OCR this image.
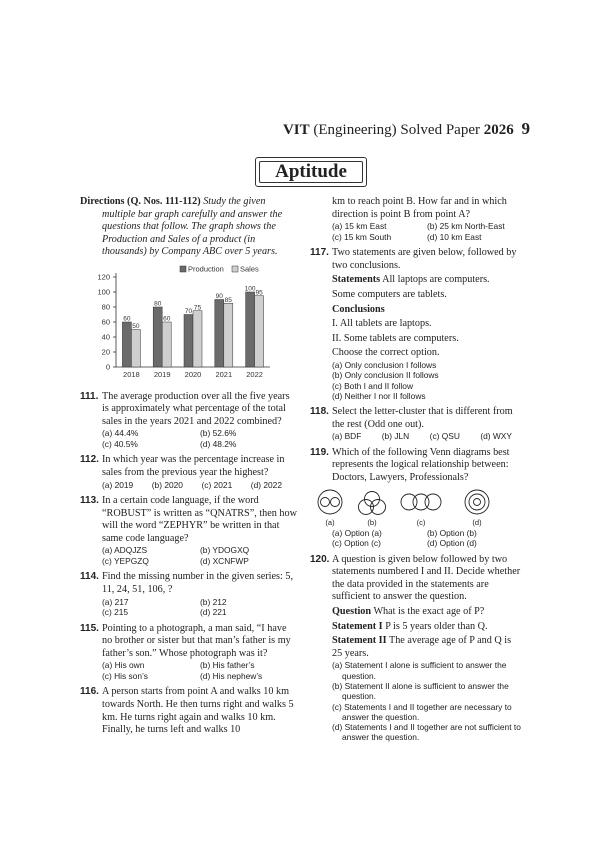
VIT (Engineering) Solved Paper 2026 9
Aptitude
Directions (Q. Nos. 111-112) Study the given multiple bar graph carefully and answer the questions that follow. The graph shows the Production and Sales of a product (in thousands) by Company ABC over 5 years.
0
20
40
60
80
100
120
Production Sales
60
50
2018
80
60
2019
70
75
2020
90
85
2021
100
95
2022
111. The average production over all the five years is approximately what percentage of the total sales in the years 2021 and 2022 combined?
(a) 44.4%	(b) 52.6%
(c) 40.5%	(d) 48.2%
112. In which year was the percentage increase in sales from the previous year the highest?
(a) 2019 (b) 2020 (c) 2021 (d) 2022
113. In a certain code language, if the word “ROBUST” is written as “QNATRS”, then how will the word “ZEPHYR” be written in that same code language?
(a) ADQJZS	(b) YDOGXQ
(c) YEPGZQ	(d) XCNFWP
114. Find the missing number in the given series: 5, 11, 24, 51, 106, ?
(a) 217	(b) 212
(c) 215	(d) 221
115. Pointing to a photograph, a man said, “I have no brother or sister but that man’s father is my father’s son.” Whose photograph was it?
(a) His own	(b) His father’s
(c) His son’s	(d) His nephew’s
116. A person starts from point A and walks 10 km towards North. He then turns right and walks 5 km. He turns right again and walks 10 km. Finally, he turns left and walks 10
km to reach point B. How far and in which direction is point B from point A?
(a) 15 km East	(b) 25 km North-East
(c) 15 km South	(d) 10 km East
117. Two statements are given below, followed by two conclusions.
Statements All laptops are computers.
Some computers are tablets.
Conclusions
I. All tablets are laptops.
II. Some tablets are computers.
Choose the correct option.
(a) Only conclusion I follows
(b) Only conclusion II follows
(c) Both I and II follow
(d) Neither I nor II follows
118. Select the letter-cluster that is different from the rest (Odd one out).
(a) BDF (b) JLN (c) QSU (d) WXY
119. Which of the following Venn diagrams best represents the logical relationship between: Doctors, Lawyers, Professionals?
(a)	(b)	(c)	(d)
(a) Option (a)	(b) Option (b)
(c) Option (c)	(d) Option (d)
120. A question is given below followed by two statements numbered I and II. Decide whether the data provided in the statements are sufficient to answer the question.
Question What is the exact age of P?
Statement I P is 5 years older than Q.
Statement II The average age of P and Q is 25 years.
(a) Statement I alone is sufficient to answer the question.
(b) Statement II alone is sufficient to answer the question.
(c) Statements I and II together are necessary to answer the question.
(d) Statements I and II together are not sufficient to answer the question.
